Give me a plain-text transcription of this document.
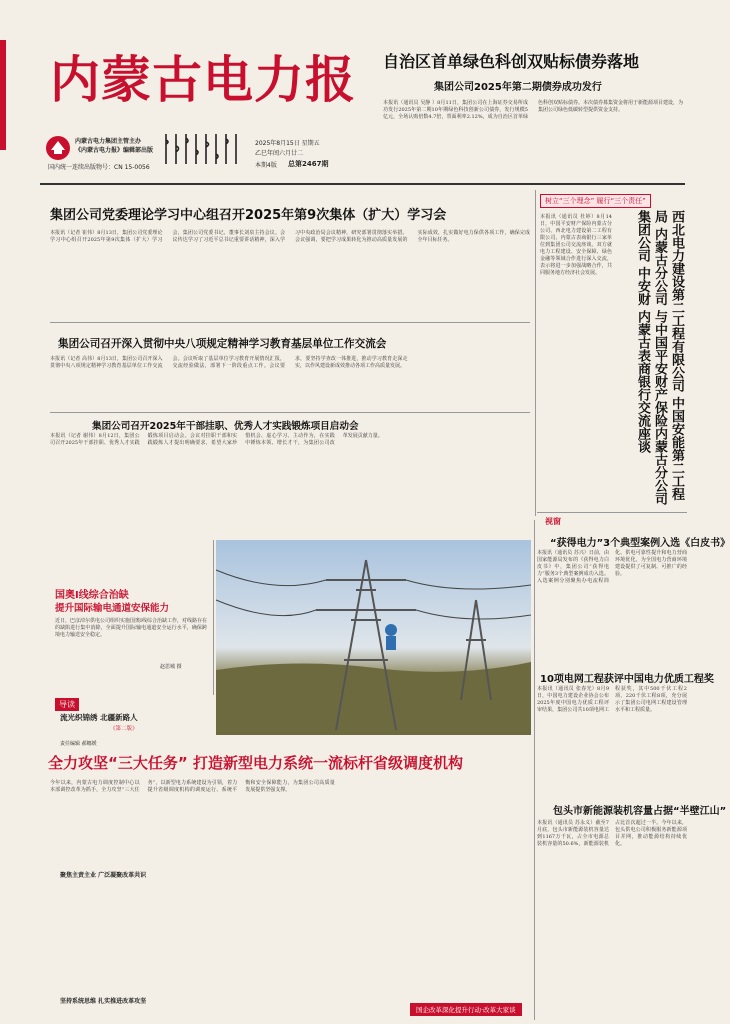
内蒙古电力报
内蒙古电力集团主管主办
《内蒙古电力报》编辑部出版
国内统一连续出版物号：CN 15-0056
2025年8月15日 星期五
乙巳年闰六月廿二
本期4版 总第2467期
自治区首单绿色科创双贴标债券落地
集团公司2025年第二期债券成功发行
本报讯（通讯员 吴静 ）8月11日，集团公司在上海证券交易所成功发行2025年第二期10年期绿色科技创新公司债券，发行规模5亿元，全场认购倍数4.7倍，票面利率2.12%，成为自治区首单绿色科创双贴标债券。本次债券募集资金将用于新能源项目建设，为集团公司绿色低碳转型提供资金支持。
集团公司党委理论学习中心组召开2025年第9次集体（扩大）学习会
本报讯（记者 崔伟）8月13日，集团公司党委理论学习中心组召开2025年第9次集体（扩大）学习会，集团公司党委书记、董事长刘泉主持会议。会议传达学习了习近平总书记重要讲话精神，深入学习中央政治局会议精神，研究部署贯彻落实举措。会议强调，要把学习成果转化为推动高质量发展的实际成效，扎实做好电力保供各项工作，确保完成全年目标任务。
集团公司召开深入贯彻中央八项规定精神学习教育基层单位工作交流会
本报讯（记者 高伟）8月13日，集团公司召开深入贯彻中央八项规定精神学习教育基层单位工作交流会。会议听取了基层单位学习教育开展情况汇报，交流经验做法，部署下一阶段重点工作。会议要求，要坚持学查改一体推进，推动学习教育走深走实，以作风建设新成效推动各项工作高质量发展。
树立“三个理念” 履行“三个责任”
西北电力建设第二工程有限公司 中国安能第二工程局 内蒙古分公司 与中国平安财产保险内蒙古分公司 集团公司 中安财 内蒙古表商银行交流座谈
本报讯（通讯员 杜婷）8月14日，中国平安财产保险内蒙古分公司、西北电力建设第二工程有限公司、内蒙古表商银行三家单位到集团公司交流座谈。双方就电力工程建设、安全保障、绿色金融等领域合作进行深入交流，表示将进一步加强战略合作，共同服务地方经济社会发展。
集团公司召开2025年干部挂职、优秀人才实践锻炼项目启动会
本报讯（记者 谢伟）8月12日，集团公司召开2025年干部挂职、优秀人才实践锻炼项目启动会。会议对挂职干部和实践锻炼人才提出明确要求，希望大家珍惜机会、虚心学习、主动作为，在实践中锤炼本领、增长才干，为集团公司改革发展贡献力量。
国奥Ⅰ线综合治缺
提升国际输电通道安保能力
近日，巴彦淖尔供电公司组织实施国奥Ⅰ线综合治缺工作，对线路存在的缺陷进行集中消除，全面提升国际输电通道安全运行水平，确保跨境电力输送安全稳定。
赵思城 摄
导读
流光织锦绣 北疆新路人
《第二版》
责任编辑 郝娜媛
视窗
“获得电力”3个典型案例入选《白皮书》
本报讯（通讯员 苏兴）日前，由国家能源局发布的《获得电力白皮书》中，集团公司“获得电力”服务3个典型案例成功入选。入选案例分别聚焦办电流程简化、供电可靠性提升和电力营商环境优化，为全国电力营商环境建设提供了可复制、可推广的经验。
10项电网工程获评中国电力优质工程奖
本报讯（通讯员 张春光）8月9日，中国电力建设企业协会公布2025年度中国电力优质工程评审结果，集团公司共10项电网工程获奖，其中500千伏工程2项、220千伏工程8项，充分展示了集团公司电网工程建设管理水平和工程质量。
包头市新能源装机容量占据“半壁江山”
本报讯（通讯员 苏永义）截至7月底，包头市新能源装机容量达到1167万千瓦，占全市电源总装机容量的50.6%，新能源装机占比首次超过一半。今年以来，包头供电公司积极服务新能源项目并网，推动能源结构持续优化。
全力攻坚“三大任务” 打造新型电力系统一流标杆省级调度机构
今年以来，内蒙古电力调度控制中心以本部调控改革为抓手，全力攻坚“三大任务”，以新型电力系统建设为引领，着力提升省级调度机构的调度运行、系统平衡和安全保障能力，为集团公司高质量发展提供坚强支撑。
聚焦主责主业 广泛凝聚改革共识
坚持系统思维 扎实推进改革攻坚
国企改革深化提升行动·改革大家谈
